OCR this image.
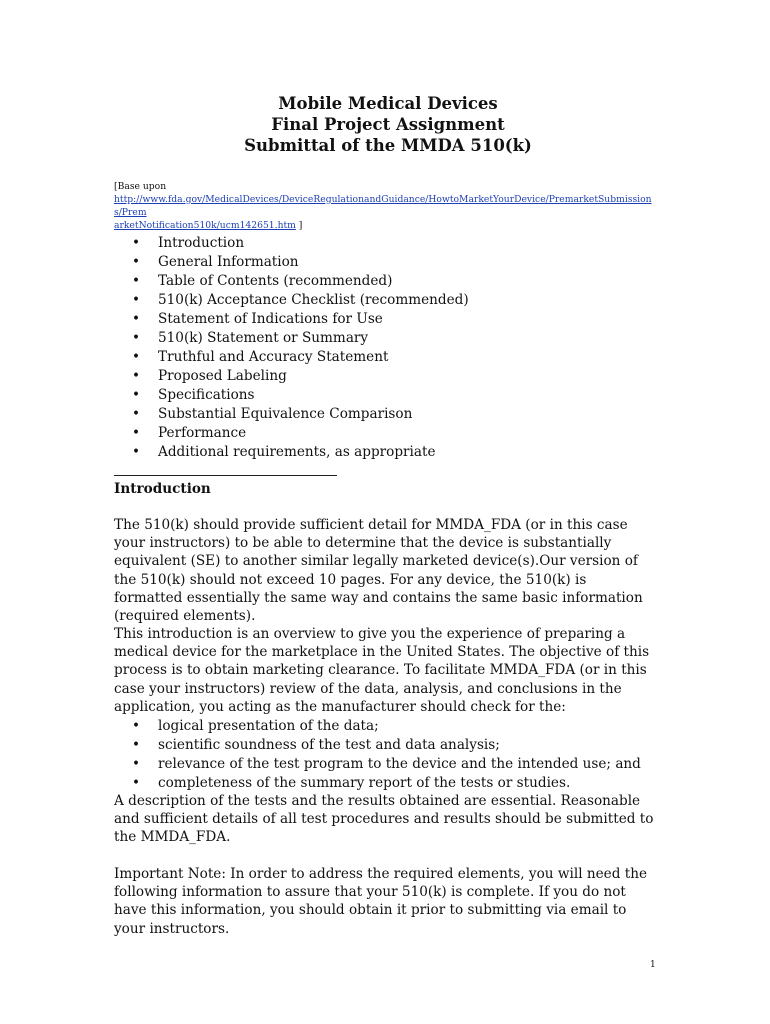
Mobile Medical Devices
Final Project Assignment
Submittal of the MMDA 510(k)
[Base upon
http://www.fda.gov/MedicalDevices/DeviceRegulationandGuidance/HowtoMarketYourDevice/PremarketSubmissions/Prem
arketNotification510k/ucm142651.htm ]
• Introduction
• General Information
• Table of Contents (recommended)
• 510(k) Acceptance Checklist (recommended)
• Statement of Indications for Use
• 510(k) Statement or Summary
• Truthful and Accuracy Statement
• Proposed Labeling
• Specifications
• Substantial Equivalence Comparison
• Performance
• Additional requirements, as appropriate
Introduction

The 510(k) should provide sufficient detail for MMDA_FDA (or in this case your instructors) to be able to determine that the device is substantially equivalent (SE) to another similar legally marketed device(s).Our version of the 510(k) should not exceed 10 pages. For any device, the 510(k) is formatted essentially the same way and contains the same basic information (required elements).

This introduction is an overview to give you the experience of preparing a medical device for the marketplace in the United States. The objective of this process is to obtain marketing clearance. To facilitate MMDA_FDA (or in this case your instructors) review of the data, analysis, and conclusions in the application, you acting as the manufacturer should check for the:

• logical presentation of the data;
• scientific soundness of the test and data analysis;
• relevance of the test program to the device and the intended use; and
• completeness of the summary report of the tests or studies.

A description of the tests and the results obtained are essential. Reasonable and sufficient details of all test procedures and results should be submitted to the MMDA_FDA.

Important Note: In order to address the required elements, you will need the following information to assure that your 510(k) is complete. If you do not have this information, you should obtain it prior to submitting via email to your instructors.

1
